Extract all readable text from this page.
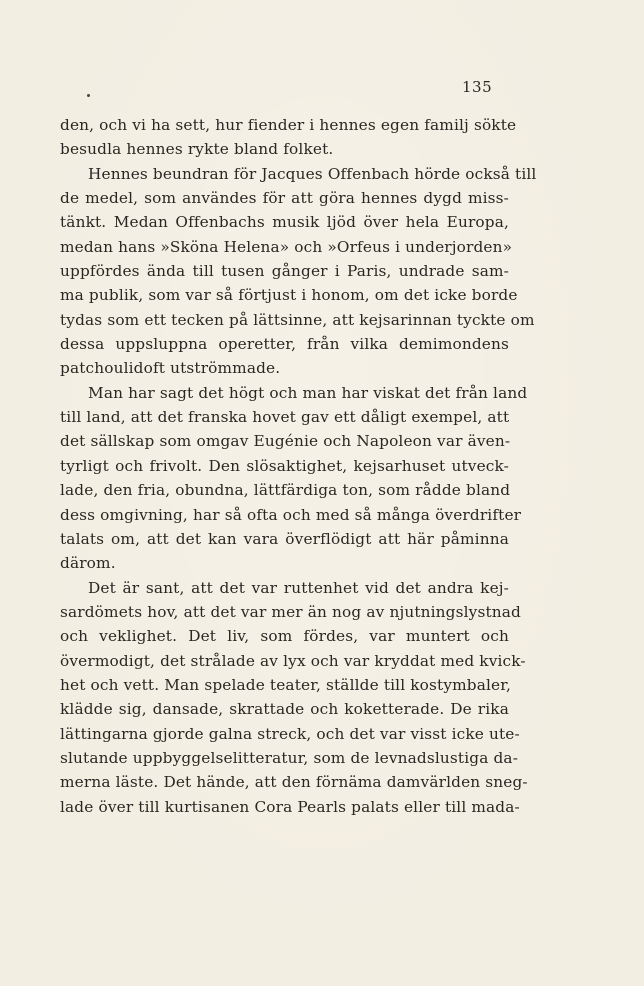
135
den, och vi ha sett, hur fiender i hennes egen familj sökte
besudla hennes rykte bland folket.
Hennes beundran för Jacques Offenbach hörde också till
de medel, som användes för att göra hennes dygd miss-
tänkt. Medan Offenbachs musik ljöd över hela Europa,
medan hans »Sköna Helena» och »Orfeus i underjorden»
uppfördes ända till tusen gånger i Paris, undrade sam-
ma publik, som var så förtjust i honom, om det icke borde
tydas som ett tecken på lättsinne, att kejsarinnan tyckte om
dessa uppsluppna operetter, från vilka demimondens
patchoulidoft utströmmade.
Man har sagt det högt och man har viskat det från land
till land, att det franska hovet gav ett dåligt exempel, att
det sällskap som omgav Eugénie och Napoleon var även-
tyrligt och frivolt. Den slösaktighet, kejsarhuset utveck-
lade, den fria, obundna, lättfärdiga ton, som rådde bland
dess omgivning, har så ofta och med så många överdrifter
talats om, att det kan vara överflödigt att här påminna
därom.
Det är sant, att det var ruttenhet vid det andra kej-
sardömets hov, att det var mer än nog av njutningslystnad
och veklighet. Det liv, som fördes, var muntert och
övermodigt, det strålade av lyx och var kryddat med kvick-
het och vett. Man spelade teater, ställde till kostymbaler,
klädde sig, dansade, skrattade och koketterade. De rika
lättingarna gjorde galna streck, och det var visst icke ute-
slutande uppbyggelselitteratur, som de levnadslustiga da-
merna läste. Det hände, att den förnäma damvärlden sneg-
lade över till kurtisanen Cora Pearls palats eller till mada-
